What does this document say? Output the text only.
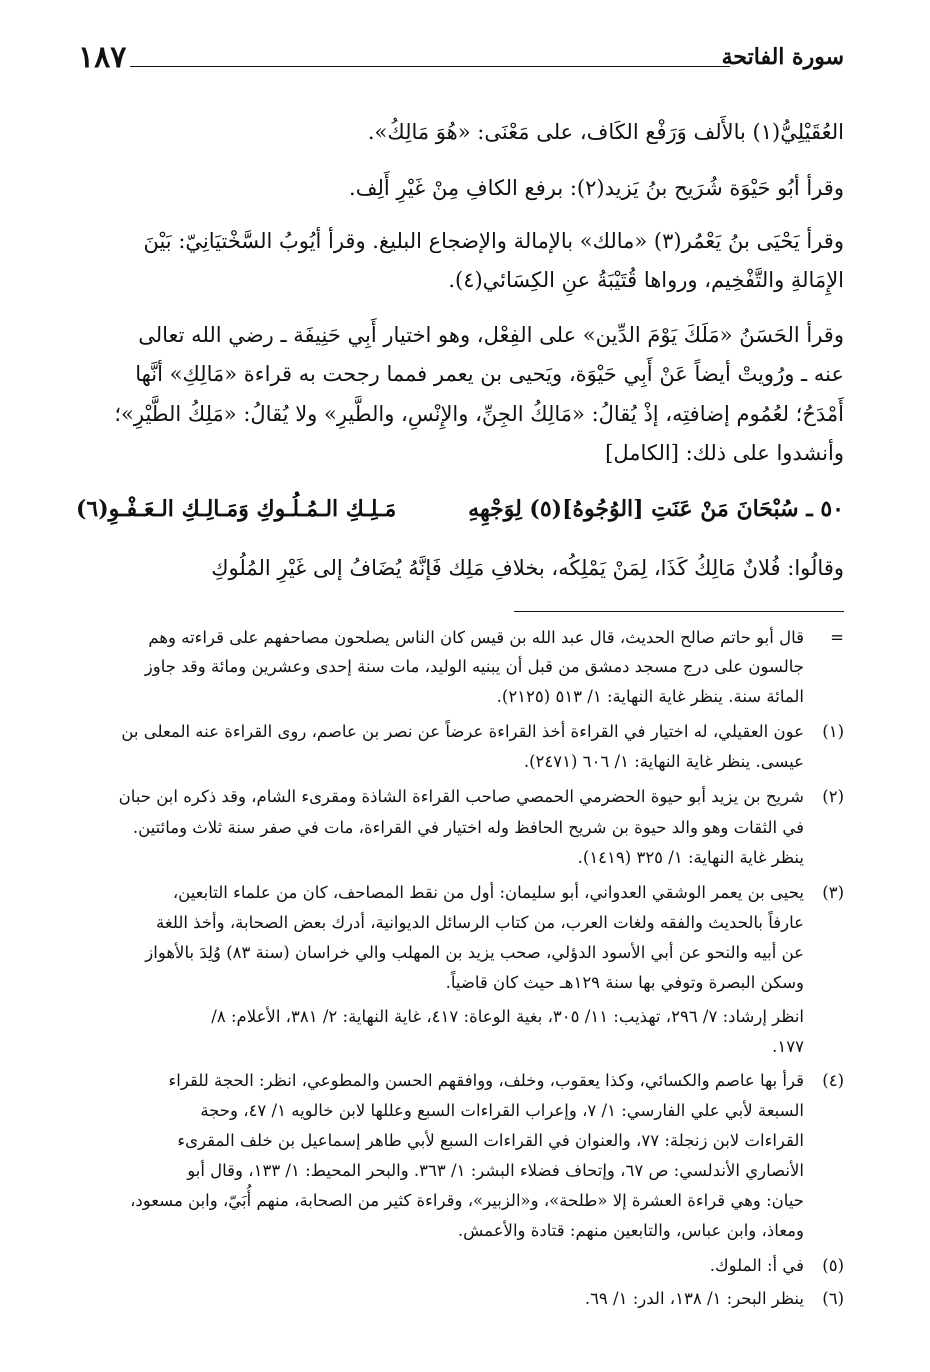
١٨٧	سورة الفاتحة
العُقَيْلِيُّ(١) بالأَلف وَرَفْع الكَاف، على مَعْنَى: «هُوَ مَالِكُ».
وقرأ أبُو حَيْوَة شُرَيح بنُ يَزيد(٢): برفع الكافِ مِنْ غَيْرِ أَلِف.
وقرأ يَحْيَى بنُ يَعْمُر(٣) «مالك» بالإمالة والإضجاع البليغ. وقرأ أيُوبُ السَّخْتيَانِيّ: بَيْنَ
الإِمَالةِ والتَّفْخِيم، ورواها قُتَيْبَةُ عنِ الكِسَائي(٤).
وقرأ الحَسَنُ «مَلَكَ يَوْمَ الدِّين» على الفِعْل، وهو اختيار أَبِي حَنِيفَة ـ رضي الله تعالى
عنه ـ ورُويتْ أيضاً عَنْ أَبِي حَيْوَة، ويَحيى بن يعمر فمما رجحت به قراءة «مَالِكِ» أنَّها
أَمْدَحُ؛ لعُمُوم إضافتِه، إذْ يُقالُ: «مَالِكُ الجِنِّ، والإِنْسِ، والطَّيرِ» ولا يُقالُ: «مَلِكُ الطَّيْرِ»؛
وأنشدوا على ذلك: [الكامل]
٥٠ ـ سُبْحَانَ مَنْ عَنَتِ [الوُجُوهُ](٥) لِوَجْهِهِ
مَـلِـكِ الـمُـلُـوكِ وَمَـالِـكِ الـعَـفْـوِ(٦)
وقالُوا: فُلانٌ مَالِكُ كَذَا، لِمَنْ يَمْلِكُه، بخلافِ مَلِك فَإنَّهُ يُضَافُ إلى غَيْرِ المُلُوكِ
=
قال أبو حاتم صالح الحديث، قال عبد الله بن قيس كان الناس يصلحون مصاحفهم على قراءته وهم
جالسون على درج مسجد دمشق من قبل أن يبنيه الوليد، مات سنة إحدى وعشرين ومائة وقد جاوز
المائة سنة. ينظر غاية النهاية: ١/ ٥١٣ (٢١٢٥).
(١)
عون العقيلي، له اختيار في القراءة أخذ القراءة عرضاً عن نصر بن عاصم، روى القراءة عنه المعلى بن
عيسى. ينظر غاية النهاية: ١/ ٦٠٦ (٢٤٧١).
(٢)
شريح بن يزيد أبو حيوة الحضرمي الحمصي صاحب القراءة الشاذة ومقرىء الشام، وقد ذكره ابن حبان
في الثقات وهو والد حيوة بن شريح الحافظ وله اختيار في القراءة، مات في صفر سنة ثلاث ومائتين.
ينظر غاية النهاية: ١/ ٣٢٥ (١٤١٩).
(٣)
يحيى بن يعمر الوشقي العدواني، أبو سليمان: أول من نقط المصاحف، كان من علماء التابعين،
عارفاً بالحديث والفقه ولغات العرب، من كتاب الرسائل الديوانية، أدرك بعض الصحابة، وأخذ اللغة
عن أبيه والنحو عن أبي الأسود الدؤلي، صحب يزيد بن المهلب والي خراسان (سنة ٨٣) وُلِدَ بالأهواز
وسكن البصرة وتوفي بها سنة ١٢٩هـ حيث كان قاضياً.
انظر إرشاد: ٧/ ٢٩٦، تهذيب: ١١/ ٣٠٥، بغية الوعاة: ٤١٧، غاية النهاية: ٢/ ٣٨١، الأعلام: ٨/
١٧٧.
(٤)
قرأ بها عاصم والكسائي، وكذا يعقوب، وخلف، ووافقهم الحسن والمطوعي، انظر: الحجة للقراء
السبعة لأبي علي الفارسي: ١/ ٧، وإعراب القراءات السبع وعللها لابن خالويه ١/ ٤٧، وحجة
القراءات لابن زنجلة: ٧٧، والعنوان في القراءات السبع لأبي طاهر إسماعيل بن خلف المقرىء
الأنصاري الأندلسي: ص ٦٧، وإتحاف فضلاء البشر: ١/ ٣٦٣. والبحر المحيط: ١/ ١٣٣، وقال أبو
حيان: وهي قراءة العشرة إلا «طلحة»، و«الزبير»، وقراءة كثير من الصحابة، منهم أُبَيّ، وابن مسعود،
ومعاذ، وابن عباس، والتابعين منهم: قتادة والأعمش.
(٥)
في أ: الملوك.
(٦)
ينظر البحر: ١/ ١٣٨، الدر: ١/ ٦٩.
